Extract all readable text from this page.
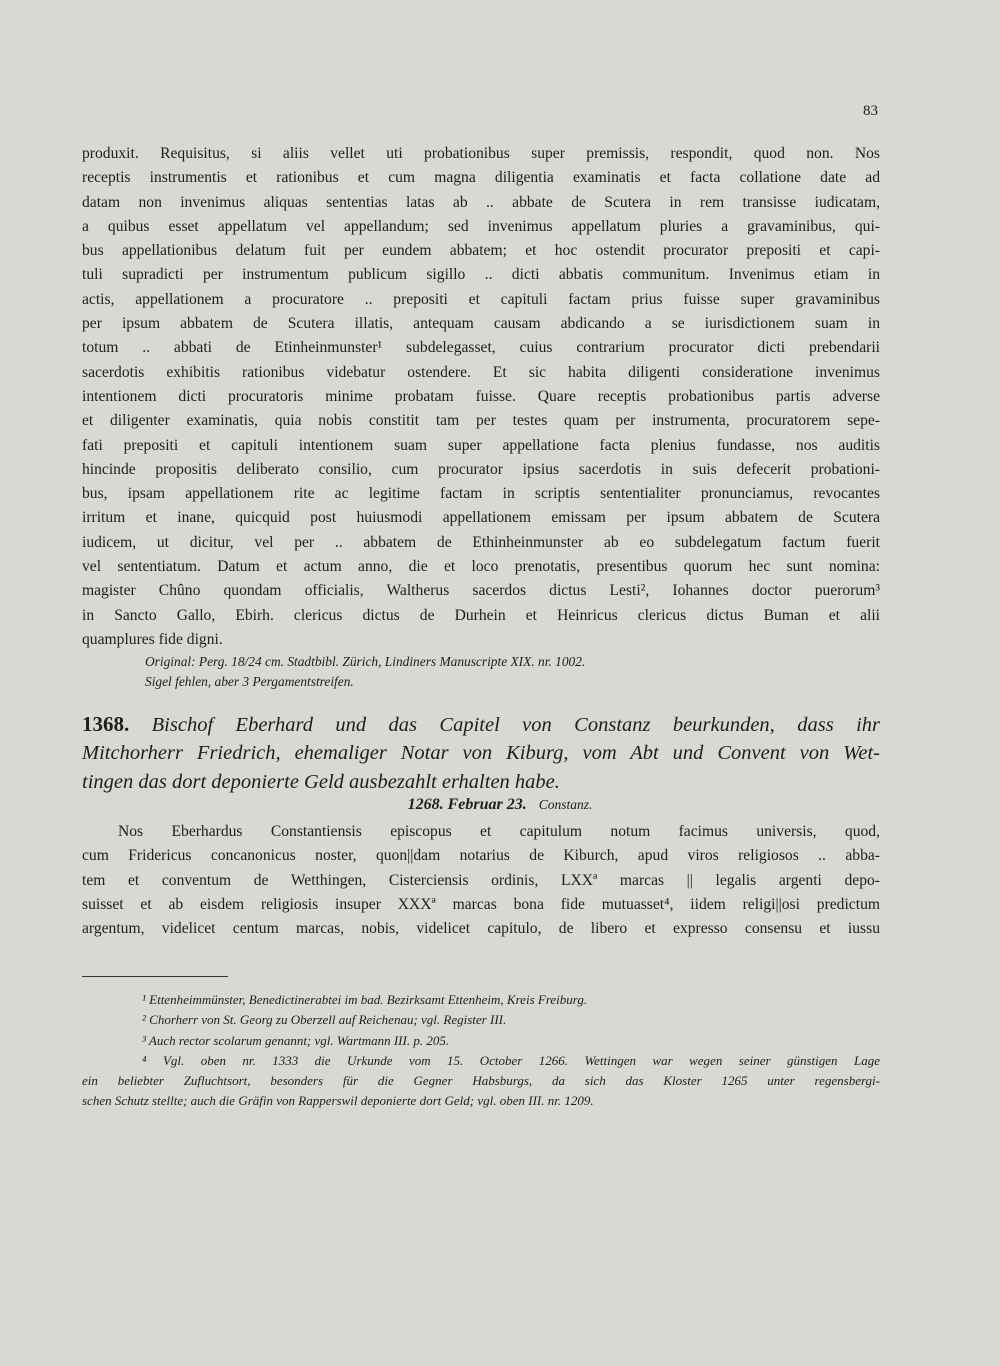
83
produxit. Requisitus, si aliis vellet uti probationibus super premissis, respondit, quod non. Nos
receptis instrumentis et rationibus et cum magna diligentia examinatis et facta collatione date ad
datam non invenimus aliquas sententias latas ab .. abbate de Scutera in rem transisse iudicatam,
a quibus esset appellatum vel appellandum; sed invenimus appellatum pluries a gravaminibus, qui-
bus appellationibus delatum fuit per eundem abbatem; et hoc ostendit procurator prepositi et capi-
tuli supradicti per instrumentum publicum sigillo .. dicti abbatis communitum. Invenimus etiam in
actis, appellationem a procuratore .. prepositi et capituli factam prius fuisse super gravaminibus
per ipsum abbatem de Scutera illatis, antequam causam abdicando a se iurisdictionem suam in
totum .. abbati de Etinheinmunster¹ subdelegasset, cuius contrarium procurator dicti prebendarii
sacerdotis exhibitis rationibus videbatur ostendere. Et sic habita diligenti consideratione invenimus
intentionem dicti procuratoris minime probatam fuisse. Quare receptis probationibus partis adverse
et diligenter examinatis, quia nobis constitit tam per testes quam per instrumenta, procuratorem sepe-
fati prepositi et capituli intentionem suam super appellatione facta plenius fundasse, nos auditis
hincinde propositis deliberato consilio, cum procurator ipsius sacerdotis in suis defecerit probationi-
bus, ipsam appellationem rite ac legitime factam in scriptis sententialiter pronunciamus, revocantes
irritum et inane, quicquid post huiusmodi appellationem emissam per ipsum abbatem de Scutera
iudicem, ut dicitur, vel per .. abbatem de Ethinheinmunster ab eo subdelegatum factum fuerit
vel sententiatum. Datum et actum anno, die et loco prenotatis, presentibus quorum hec sunt nomina:
magister Chûno quondam officialis, Waltherus sacerdos dictus Lesti², Iohannes doctor puerorum³
in Sancto Gallo, Ebirh. clericus dictus de Durhein et Heinricus clericus dictus Buman et alii
quamplures fide digni.
Original: Perg. 18/24 cm. Stadtbibl. Zürich, Lindiners Manuscripte XIX. nr. 1002.
Sigel fehlen, aber 3 Pergamentstreifen.
1368. Bischof Eberhard und das Capitel von Constanz beurkunden, dass ihr
Mitchorherr Friedrich, ehemaliger Notar von Kiburg, vom Abt und Convent von Wet-
tingen das dort deponierte Geld ausbezahlt erhalten habe.
1268. Februar 23. Constanz.
Nos Eberhardus Constantiensis episcopus et capitulum notum facimus universis, quod,
cum Fridericus concanonicus noster, quon||dam notarius de Kiburch, apud viros religiosos .. abba-
tem et conventum de Wetthingen, Cisterciensis ordinis, LXXª marcas || legalis argenti depo-
suisset et ab eisdem religiosis insuper XXXª marcas bona fide mutuasset⁴, iidem religi||osi predictum
argentum, videlicet centum marcas, nobis, videlicet capitulo, de libero et expresso consensu et iussu
¹ Ettenheimmünster, Benedictinerabtei im bad. Bezirksamt Ettenheim, Kreis Freiburg.
² Chorherr von St. Georg zu Oberzell auf Reichenau; vgl. Register III.
³ Auch rector scolarum genannt; vgl. Wartmann III. p. 205.
⁴ Vgl. oben nr. 1333 die Urkunde vom 15. October 1266. Wettingen war wegen seiner günstigen Lage
ein beliebter Zufluchtsort, besonders für die Gegner Habsburgs, da sich das Kloster 1265 unter regensbergi-
schen Schutz stellte; auch die Gräfin von Rapperswil deponierte dort Geld; vgl. oben III. nr. 1209.
